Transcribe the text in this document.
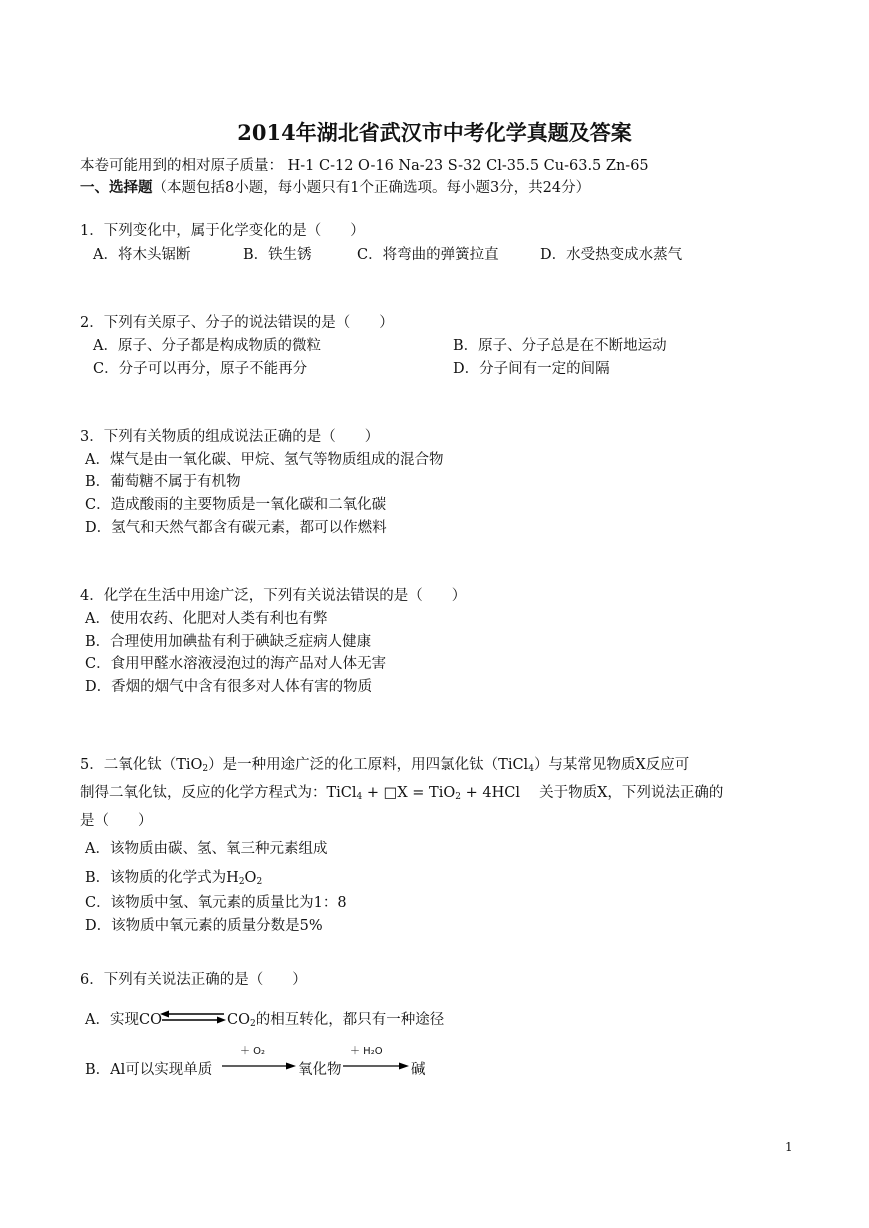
2014年湖北省武汉市中考化学真题及答案
本卷可能用到的相对原子质量： H-1 C-12 O-16 Na-23 S-32 Cl-35.5 Cu-63.5 Zn-65
一、选择题（本题包括8小题，每小题只有1个正确选项。每小题3分，共24分）
1．下列变化中，属于化学变化的是（　　）
A．将木头锯断	B．铁生锈	C．将弯曲的弹簧拉直	D．水受热变成水蒸气
2．下列有关原子、分子的说法错误的是（　　）
A．原子、分子都是构成物质的微粒	B．原子、分子总是在不断地运动
C．分子可以再分，原子不能再分	D．分子间有一定的间隔
3．下列有关物质的组成说法正确的是（　　）
A．煤气是由一氧化碳、甲烷、氢气等物质组成的混合物
B．葡萄糖不属于有机物
C．造成酸雨的主要物质是一氧化碳和二氧化碳
D．氢气和天然气都含有碳元素，都可以作燃料
4．化学在生活中用途广泛，下列有关说法错误的是（　　）
A．使用农药、化肥对人类有利也有弊
B．合理使用加碘盐有利于碘缺乏症病人健康
C．食用甲醛水溶液浸泡过的海产品对人体无害
D．香烟的烟气中含有很多对人体有害的物质
5．二氧化钛（TiO$_2$）是一种用途广泛的化工原料，用四氯化钛（TiCl$_4$）与某常见物质X反应可
制得二氧化钛，反应的化学方程式为：TiCl$_4$ + □X = TiO$_2$ + 4HCl　 关于物质X，下列说法正确的
是（　　）
A．该物质由碳、氢、氧三种元素组成
B．该物质的化学式为$H_2O_2$
C．该物质中氢、氧元素的质量比为1：8
D．该物质中氧元素的质量分数是5%
6．下列有关说法正确的是（　　）
A．实现CO	$CO_2$的相互转化，都只有一种途径
B．Al可以实现单质
＋ O₂
氧化物
＋ H₂O
碱
1
